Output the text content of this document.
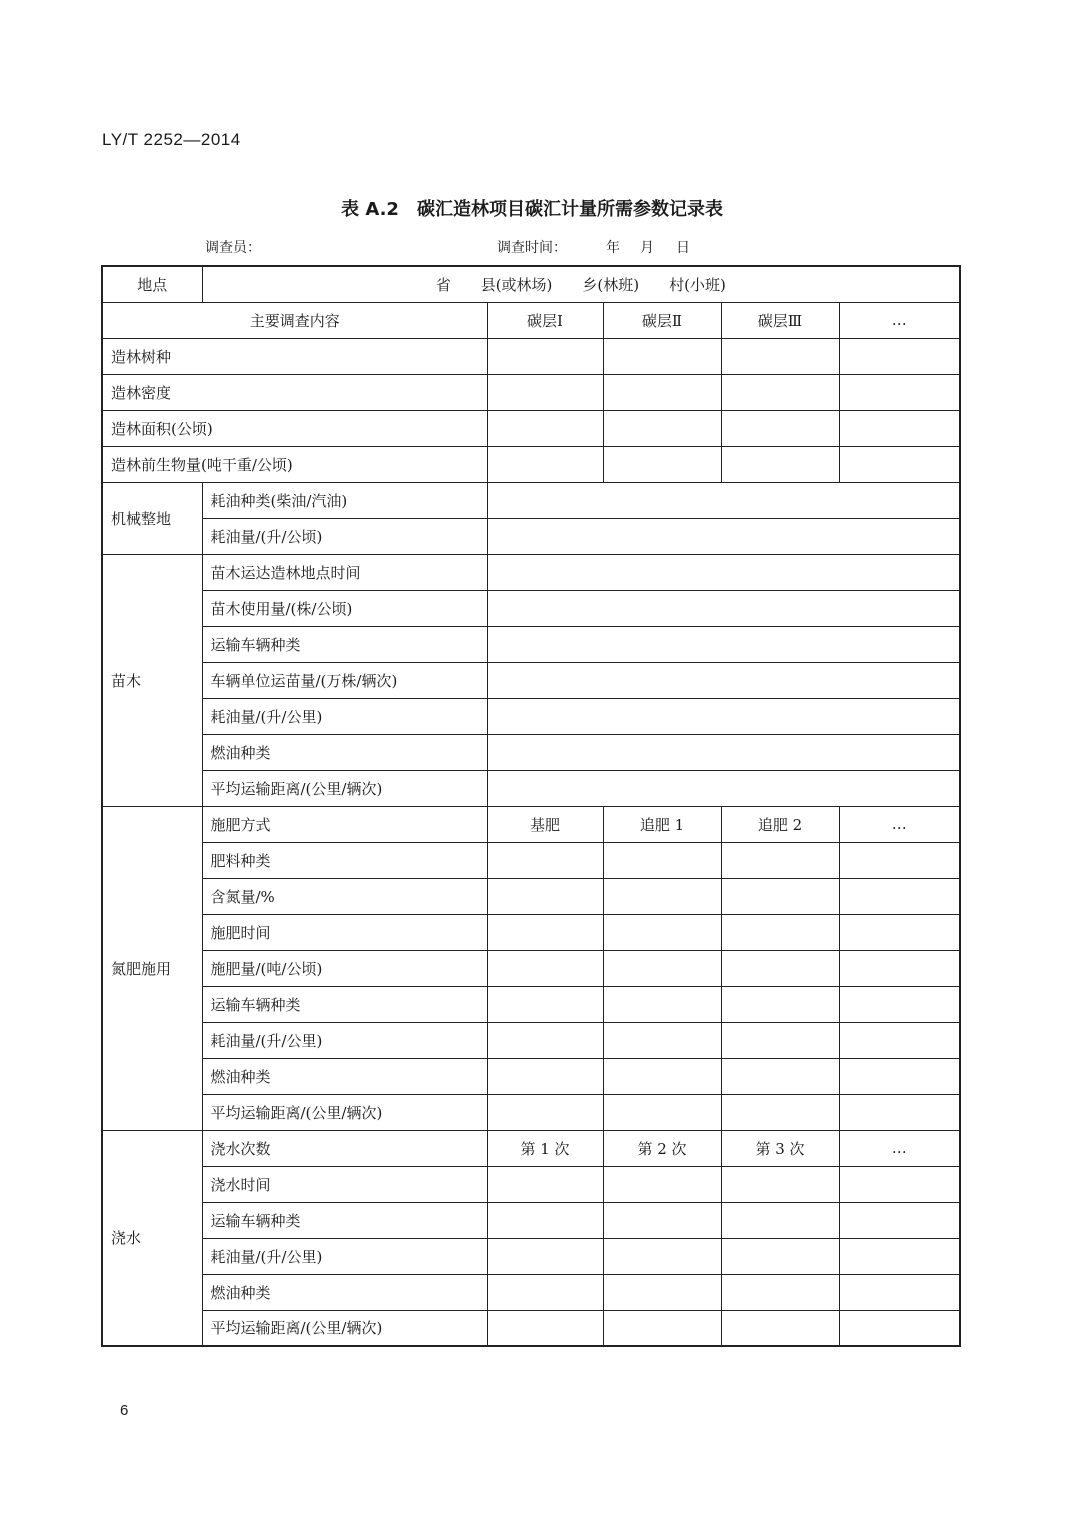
LY/T 2252—2014
表 A.2　碳汇造林项目碳汇计量所需参数记录表
调查员：	调查时间：	年 月 日
地点	省　　县(或林场)　　乡(林班)　　村(小班)				
主要调查内容		碳层Ⅰ	碳层Ⅱ	碳层Ⅲ	…
造林树种					
造林密度					
造林面积(公顷)					
造林前生物量(吨干重/公顷)					
机械整地	耗油种类(柴油/汽油)				
	耗油量/(升/公顷)				
苗木	苗木运达造林地点时间				
	苗木使用量/(株/公顷)				
	运输车辆种类				
	车辆单位运苗量/(万株/辆次)				
	耗油量/(升/公里)				
	燃油种类				
	平均运输距离/(公里/辆次)				
氮肥施用	施肥方式	基肥	追肥 1	追肥 2	…
	肥料种类				
	含氮量/%				
	施肥时间				
	施肥量/(吨/公顷)				
	运输车辆种类				
	耗油量/(升/公里)				
	燃油种类				
	平均运输距离/(公里/辆次)				
浇水	浇水次数	第 1 次	第 2 次	第 3 次	…
	浇水时间				
	运输车辆种类				
	耗油量/(升/公里)				
	燃油种类				
	平均运输距离/(公里/辆次)				
6
